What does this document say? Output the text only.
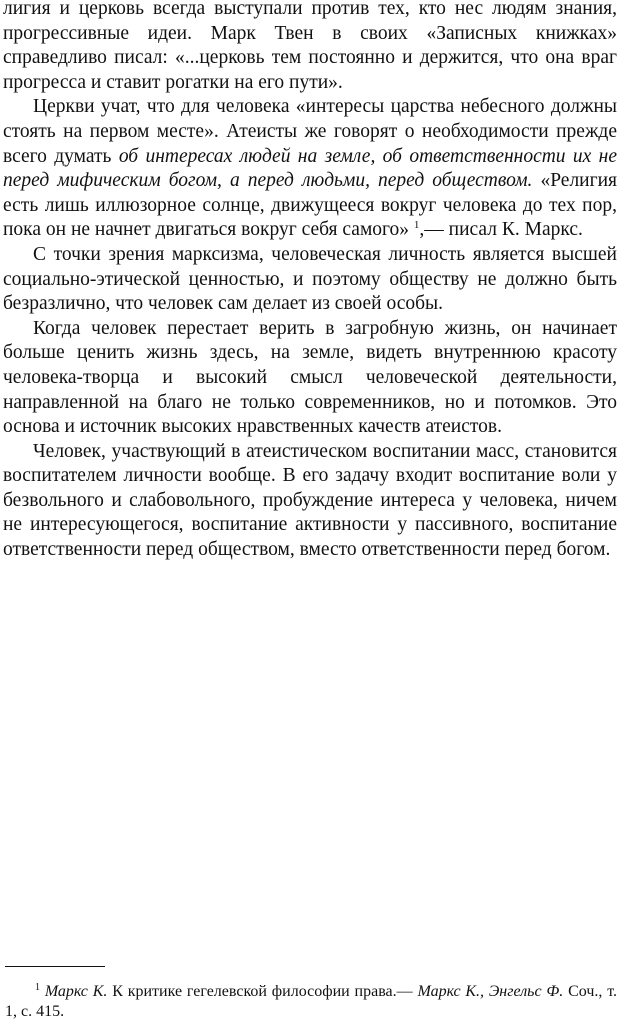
лигия и церковь всегда выступали против тех, кто нес людям знания, прогрессивные идеи. Марк Твен в своих «Записных книжках» справедливо писал: «...церковь тем постоянно и держится, что она враг прогресса и ставит рогатки на его пути».

Церкви учат, что для человека «интересы царства небесного должны стоять на первом месте». Атеисты же говорят о необходимости прежде всего думать об интересах людей на земле, об ответственности их не перед мифическим богом, а перед людьми, перед обществом. «Религия есть лишь иллюзорное солнце, движущееся вокруг человека до тех пор, пока он не начнет двигаться вокруг себя самого» $^1$,— писал К. Маркс.

С точки зрения марксизма, человеческая личность является высшей социально-этической ценностью, и поэтому обществу не должно быть безразлично, что человек сам делает из своей особы.

Когда человек перестает верить в загробную жизнь, он начинает больше ценить жизнь здесь, на земле, видеть внутреннюю красоту человека-творца и высокий смысл человеческой деятельности, направленной на благо не только современников, но и потомков. Это основа и источник высоких нравственных качеств атеистов.

Человек, участвующий в атеистическом воспитании масс, становится воспитателем личности вообще. В его задачу входит воспитание воли у безвольного и слабовольного, пробуждение интереса у человека, ничем не интересующегося, воспитание активности у пассивного, воспитание ответственности перед обществом, вместо ответственности перед богом.

$^1$ Маркс К. К критике гегелевской философии права.— Маркс К., Энгельс Ф. Соч., т. 1, с. 415.
